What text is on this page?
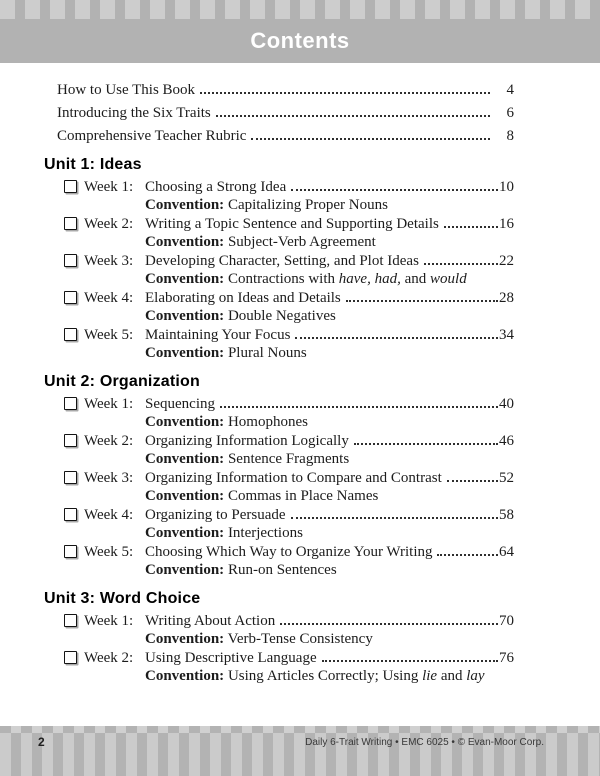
Contents
How to Use This Book	4
Introducing the Six Traits	6
Comprehensive Teacher Rubric	8
Unit 1: Ideas
Week 1: Choosing a Strong Idea	10
Convention: Capitalizing Proper Nouns
Week 2: Writing a Topic Sentence and Supporting Details	16
Convention: Subject-Verb Agreement
Week 3: Developing Character, Setting, and Plot Ideas	22
Convention: Contractions with have, had, and would
Week 4: Elaborating on Ideas and Details	28
Convention: Double Negatives
Week 5: Maintaining Your Focus	34
Convention: Plural Nouns
Unit 2: Organization
Week 1: Sequencing	40
Convention: Homophones
Week 2: Organizing Information Logically	46
Convention: Sentence Fragments
Week 3: Organizing Information to Compare and Contrast	52
Convention: Commas in Place Names
Week 4: Organizing to Persuade	58
Convention: Interjections
Week 5: Choosing Which Way to Organize Your Writing	64
Convention: Run-on Sentences
Unit 3: Word Choice
Week 1: Writing About Action	70
Convention: Verb-Tense Consistency
Week 2: Using Descriptive Language	76
Convention: Using Articles Correctly; Using lie and lay
2	Daily 6-Trait Writing • EMC 6025 • © Evan-Moor Corp.
